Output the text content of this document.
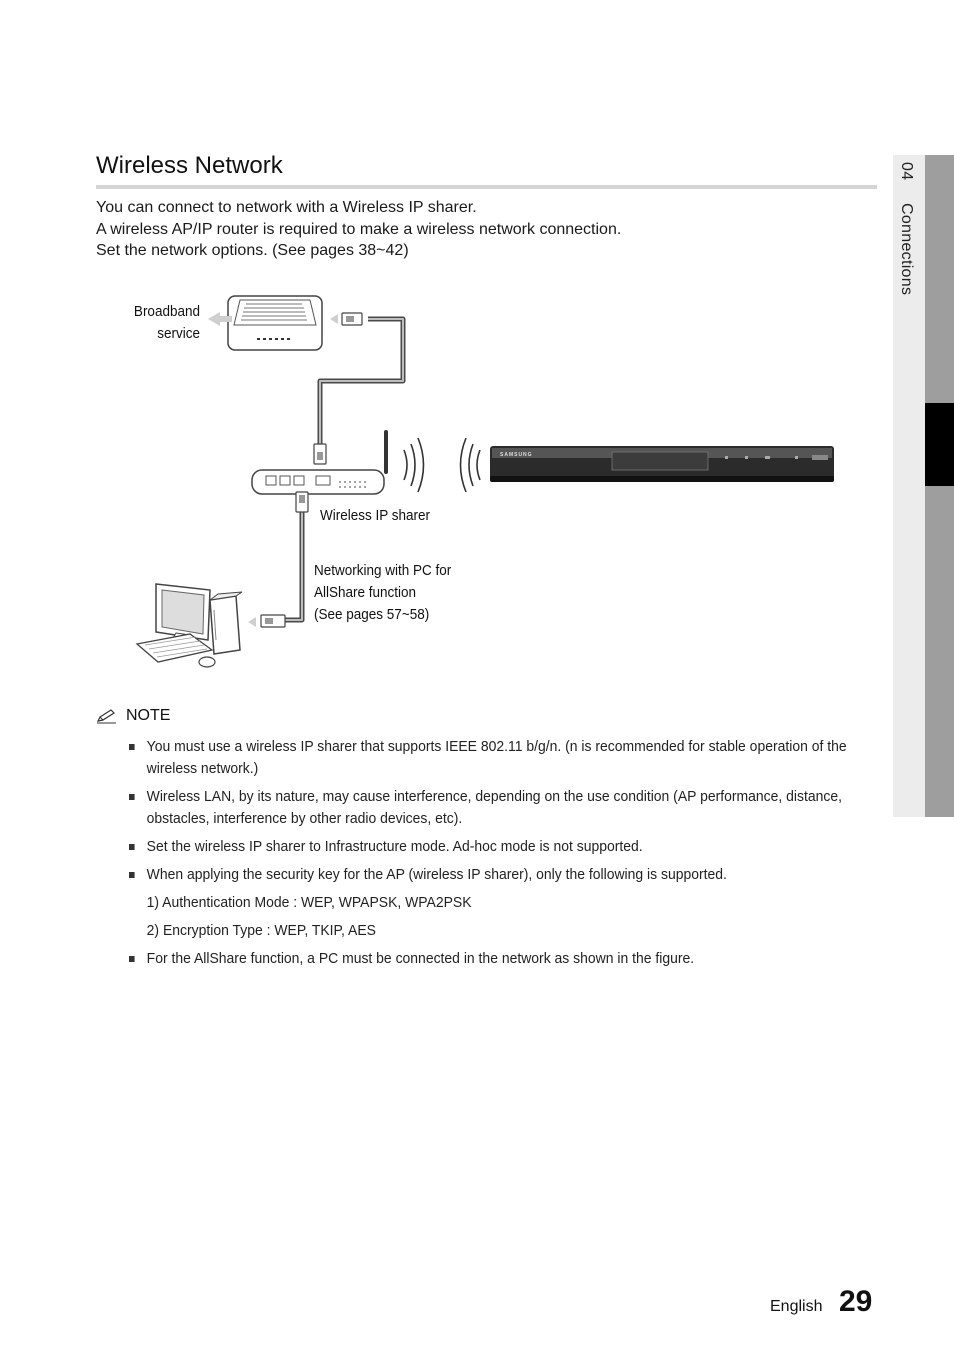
04 Connections
Wireless Network
You can connect to network with a Wireless IP sharer.
A wireless AP/IP router is required to make a wireless network connection.
Set the network options. (See pages 38~42)
SAMSUNG
Broadband
service
Wireless IP sharer
Networking with PC for
AllShare function
(See pages 57~58)
NOTE
You must use a wireless IP sharer that supports IEEE 802.11 b/g/n. (n is recommended for stable operation of the wireless network.)
Wireless LAN, by its nature, may cause interference, depending on the use condition (AP performance, distance, obstacles, interference by other radio devices, etc).
Set the wireless IP sharer to Infrastructure mode. Ad-hoc mode is not supported.
When applying the security key for the AP (wireless IP sharer), only the following is supported.
1) Authentication Mode : WEP, WPAPSK, WPA2PSK
2) Encryption Type : WEP, TKIP, AES
For the AllShare function, a PC must be connected in the network as shown in the figure.
English 29
